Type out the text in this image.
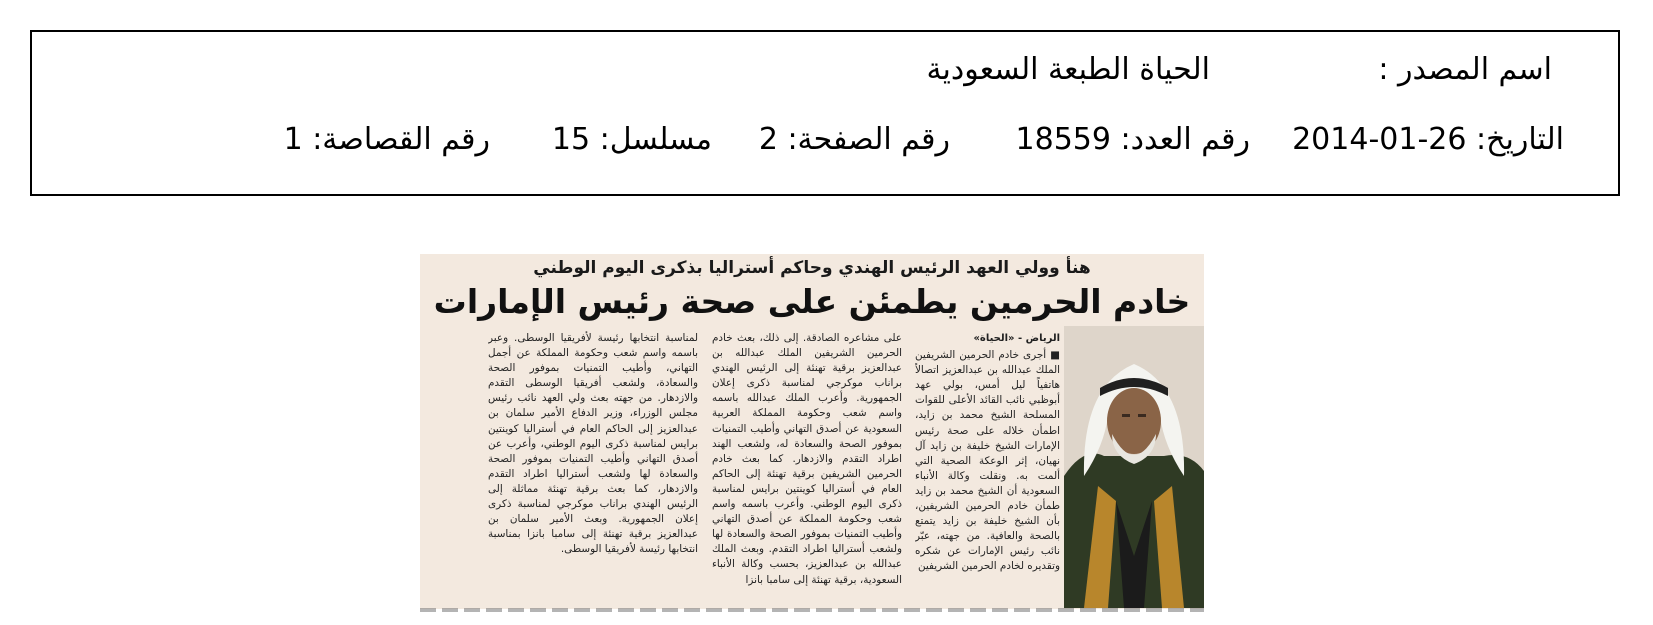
اسم المصدر :
الحياة الطبعة السعودية
التاريخ: 26-01-2014
رقم العدد: 18559
رقم الصفحة: 2
مسلسل: 15
رقم القصاصة: 1
هنأ وولي العهد الرئيس الهندي وحاكم أستراليا بذكرى اليوم الوطني
خادم الحرمين يطمئن على صحة رئيس الإمارات
الرياض - «الحياة»
■ أجرى خادم الحرمين الشريفين الملك عبدالله بن عبدالعزيز اتصالاً هاتفياً ليل أمس، بولي عهد أبوظبي نائب القائد الأعلى للقوات المسلحة الشيخ محمد بن زايد، اطمأن خلاله على صحة رئيس الإمارات الشيخ خليفة بن زايد آل نهيان، إثر الوعكة الصحية التي ألمت به. ونقلت وكالة الأنباء السعودية أن الشيخ محمد بن زايد طمأن خادم الحرمين الشريفين، بأن الشيخ خليفة بن زايد يتمتع بالصحة والعافية. من جهته، عبّر نائب رئيس الإمارات عن شكره وتقديره لخادم الحرمين الشريفين
على مشاعره الصادقة. إلى ذلك، بعث خادم الحرمين الشريفين الملك عبدالله بن عبدالعزيز برقية تهنئة إلى الرئيس الهندي براناب موكرجي لمناسبة ذكرى إعلان الجمهورية. وأعرب الملك عبدالله باسمه واسم شعب وحكومة المملكة العربية السعودية عن أصدق التهاني وأطيب التمنيات بموفور الصحة والسعادة له، ولشعب الهند اطراد التقدم والازدهار. كما بعث خادم الحرمين الشريفين برقية تهنئة إلى الحاكم العام في أستراليا كوينتين برايس لمناسبة ذكرى اليوم الوطني. وأعرب باسمه واسم شعب وحكومة المملكة عن أصدق التهاني وأطيب التمنيات بموفور الصحة والسعادة لها ولشعب أستراليا اطراد التقدم. وبعث الملك عبدالله بن عبدالعزيز، بحسب وكالة الأنباء السعودية، برقية تهنئة إلى سامبا بانزا
لمناسبة انتخابها رئيسة لأفريقيا الوسطى. وعبر باسمه واسم شعب وحكومة المملكة عن أجمل التهاني، وأطيب التمنيات بموفور الصحة والسعادة، ولشعب أفريقيا الوسطى التقدم والازدهار. من جهته بعث ولي العهد نائب رئيس مجلس الوزراء، وزير الدفاع الأمير سلمان بن عبدالعزيز إلى الحاكم العام في أستراليا كوينتين برايس لمناسبة ذكرى اليوم الوطني، وأعرب عن أصدق التهاني وأطيب التمنيات بموفور الصحة والسعادة لها ولشعب أستراليا اطراد التقدم والازدهار، كما بعث برقية تهنئة مماثلة إلى الرئيس الهندي براناب موكرجي لمناسبة ذكرى إعلان الجمهورية. وبعث الأمير سلمان بن عبدالعزيز برقية تهنئة إلى سامبا بانزا بمناسبة انتخابها رئيسة لأفريقيا الوسطى.
